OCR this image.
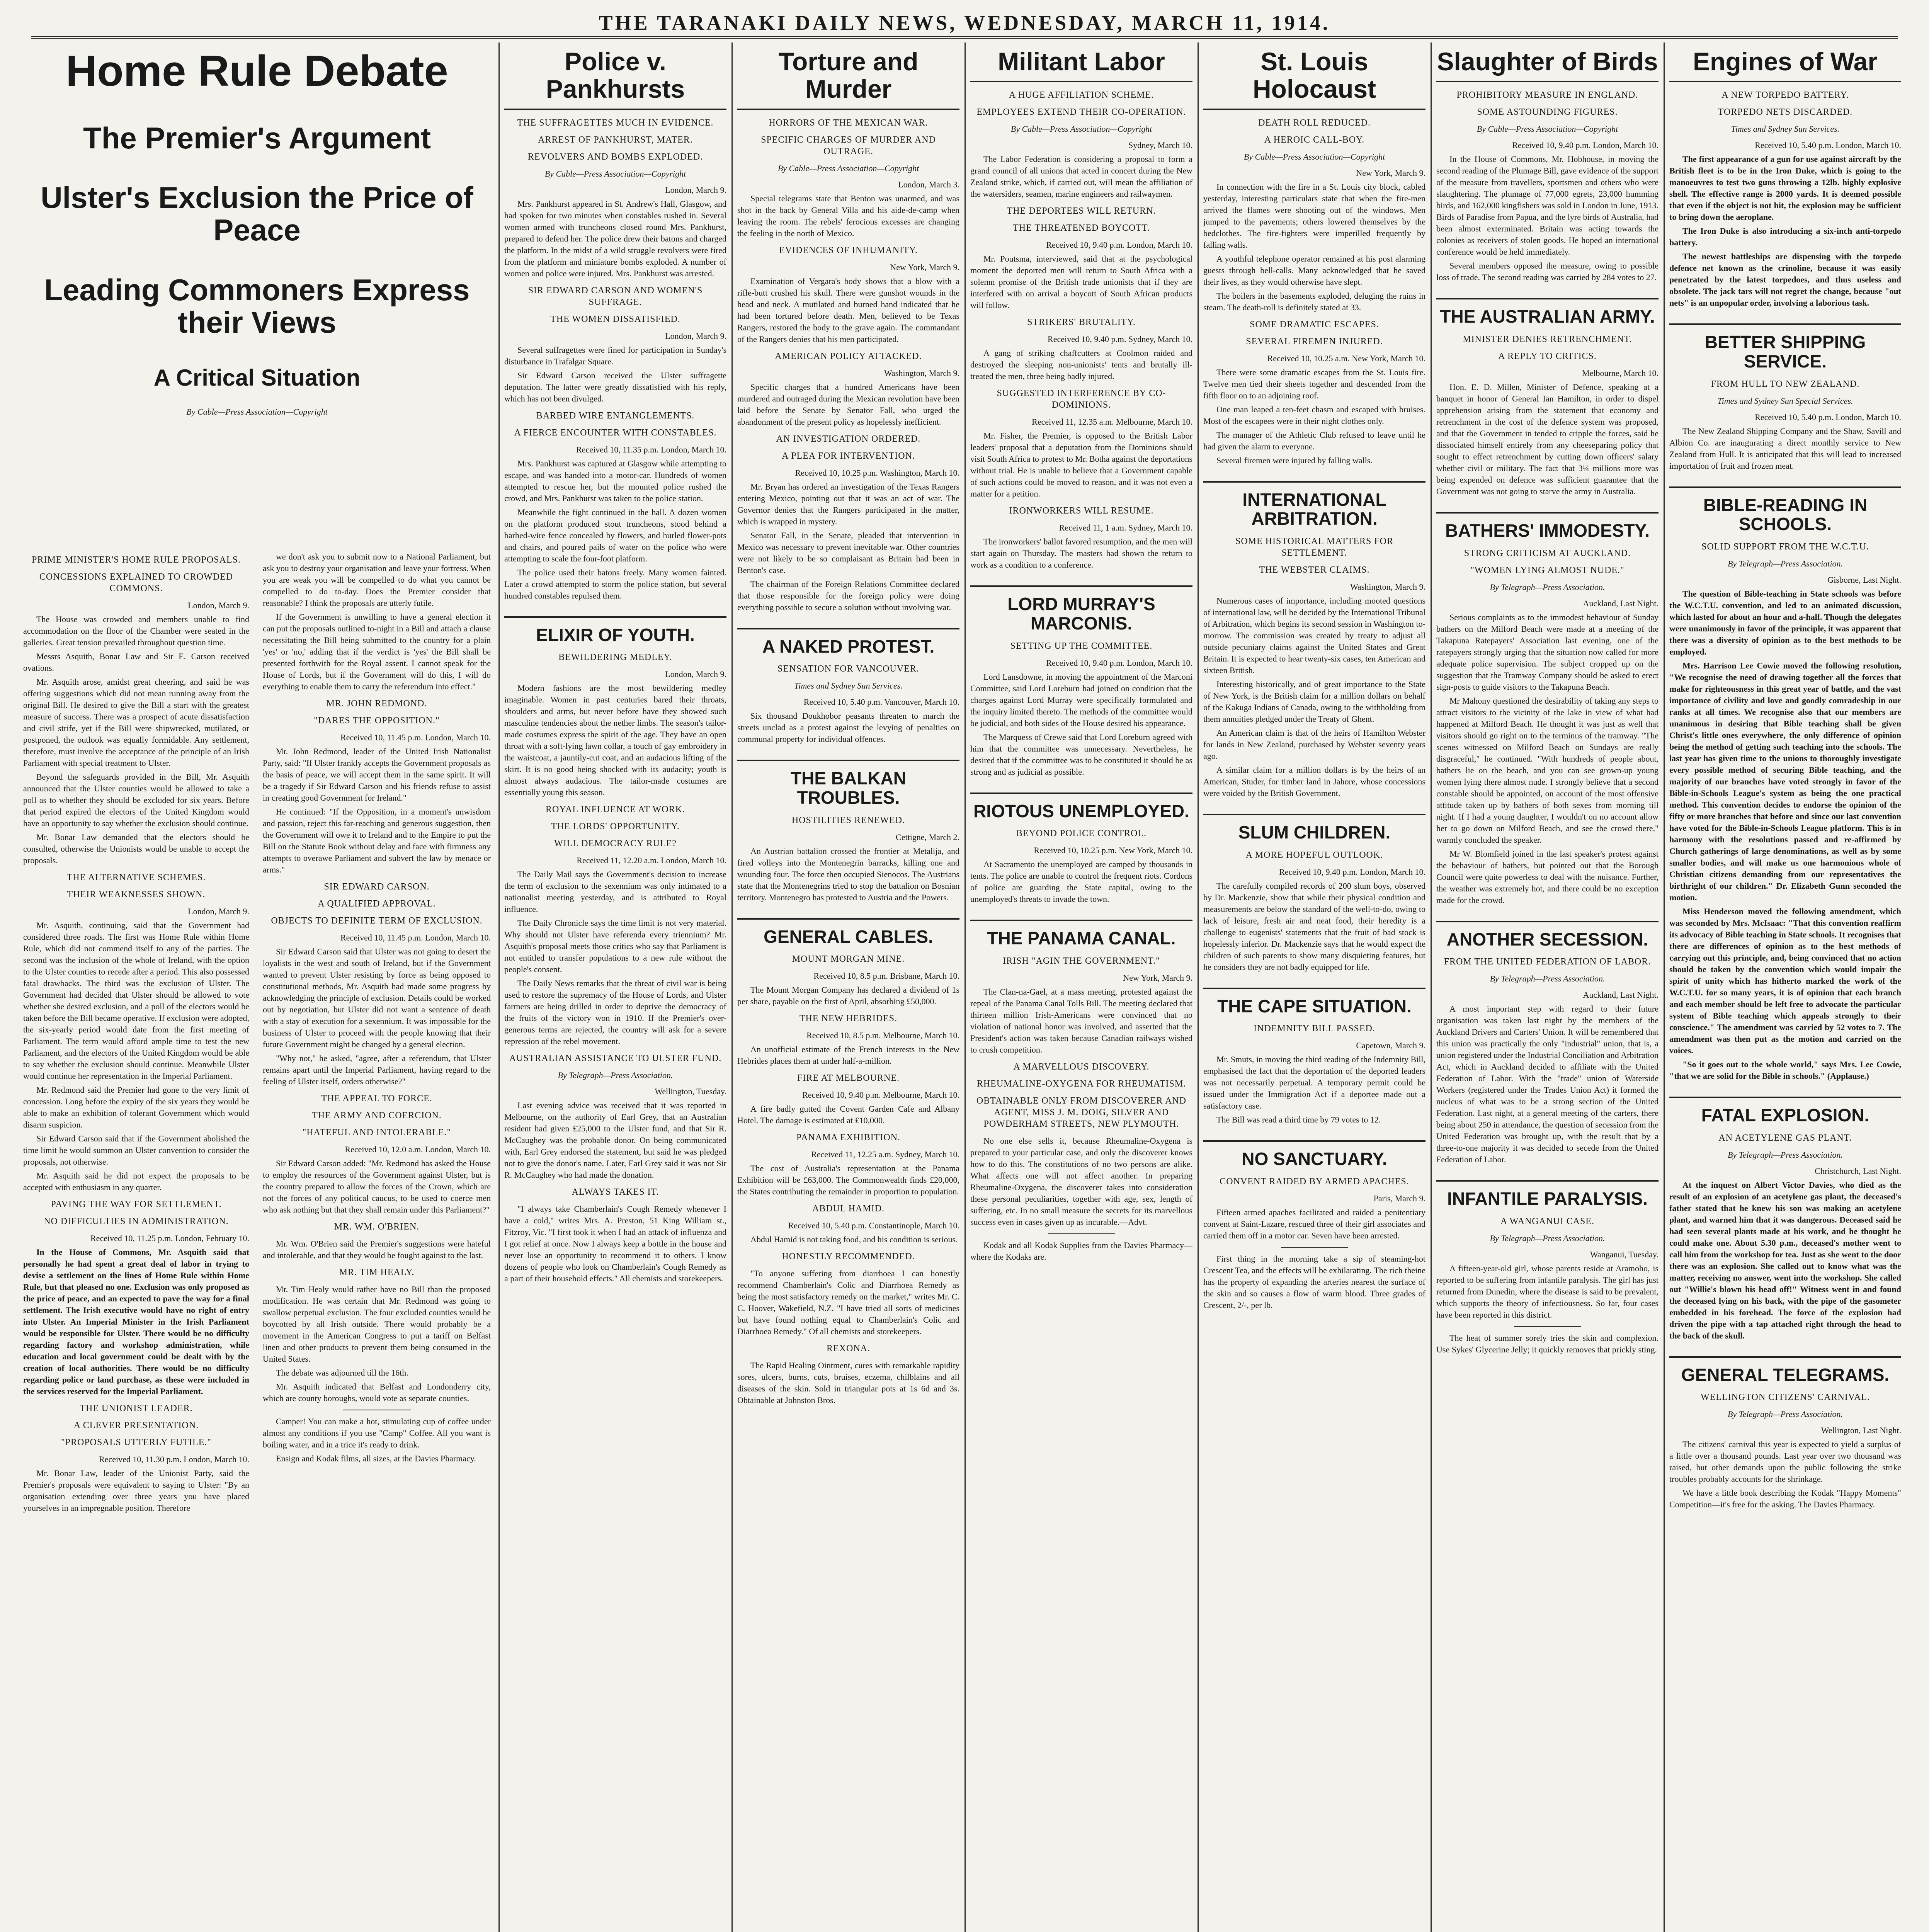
THE TARANAKI DAILY NEWS, WEDNESDAY, MARCH 11, 1914.
Home Rule Debate
The Premier's Argument
Ulster's Exclusion the Price of Peace
Leading Commoners Express their Views
A Critical Situation
By Cable—Press Association—Copyright
PRIME MINISTER'S HOME RULE PROPOSALS.
CONCESSIONS EXPLAINED TO CROWDED COMMONS.
London, March 9.
The House was crowded and members unable to find accommodation on the floor of the Chamber were seated in the galleries. Great tension prevailed throughout question time.
Messrs Asquith, Bonar Law and Sir E. Carson received ovations.
Mr. Asquith arose, amidst great cheering, and said he was offering suggestions which did not mean running away from the original Bill. He desired to give the Bill a start with the greatest measure of success. There was a prospect of acute dissatisfaction and civil strife, yet if the Bill were shipwrecked, mutilated, or postponed, the outlook was equally formidable. Any settlement, therefore, must involve the acceptance of the principle of an Irish Parliament with special treatment to Ulster.
Beyond the safeguards provided in the Bill, Mr. Asquith announced that the Ulster counties would be allowed to take a poll as to whether they should be excluded for six years. Before that period expired the electors of the United Kingdom would have an opportunity to say whether the exclusion should continue.
Mr. Bonar Law demanded that the electors should be consulted, otherwise the Unionists would be unable to accept the proposals.
THE ALTERNATIVE SCHEMES.
THEIR WEAKNESSES SHOWN.
London, March 9.
Mr. Asquith, continuing, said that the Government had considered three roads. The first was Home Rule within Home Rule, which did not commend itself to any of the parties. The second was the inclusion of the whole of Ireland, with the option to the Ulster counties to recede after a period. This also possessed fatal drawbacks. The third was the exclusion of Ulster. The Government had decided that Ulster should be allowed to vote whether she desired exclusion, and a poll of the electors would be taken before the Bill became operative. If exclusion were adopted, the six-yearly period would date from the first meeting of Parliament. The term would afford ample time to test the new Parliament, and the electors of the United Kingdom would be able to say whether the exclusion should continue. Meanwhile Ulster would continue her representation in the Imperial Parliament.
Mr. Redmond said the Premier had gone to the very limit of concession. Long before the expiry of the six years they would be able to make an exhibition of tolerant Government which would disarm suspicion.
Sir Edward Carson said that if the Government abolished the time limit he would summon an Ulster convention to consider the proposals, not otherwise.
Mr. Asquith said he did not expect the proposals to be accepted with enthusiasm in any quarter.
PAVING THE WAY FOR SETTLEMENT.
NO DIFFICULTIES IN ADMINISTRATION.
Received 10, 11.25 p.m. London, February 10.
In the House of Commons, Mr. Asquith said that personally he had spent a great deal of labor in trying to devise a settlement on the lines of Home Rule within Home Rule, but that pleased no one. Exclusion was only proposed as the price of peace, and an expected to pave the way for a final settlement. The Irish executive would have no right of entry into Ulster. An Imperial Minister in the Irish Parliament would be responsible for Ulster. There would be no difficulty regarding factory and workshop administration, while education and local government could be dealt with by the creation of local authorities. There would be no difficulty regarding police or land purchase, as these were included in the services reserved for the Imperial Parliament.
THE UNIONIST LEADER.
A CLEVER PRESENTATION.
"PROPOSALS UTTERLY FUTILE."
Received 10, 11.30 p.m. London, March 10.
Mr. Bonar Law, leader of the Unionist Party, said the Premier's proposals were equivalent to saying to Ulster: "By an organisation extending over three years you have placed yourselves in an impregnable position. Therefore
we don't ask you to submit now to a National Parliament, but ask you to destroy your organisation and leave your fortress. When you are weak you will be compelled to do what you cannot be compelled to do to-day. Does the Premier consider that reasonable? I think the proposals are utterly futile.
If the Government is unwilling to have a general election it can put the proposals outlined to-night in a Bill and attach a clause necessitating the Bill being submitted to the country for a plain 'yes' or 'no,' adding that if the verdict is 'yes' the Bill shall be presented forthwith for the Royal assent. I cannot speak for the House of Lords, but if the Government will do this, I will do everything to enable them to carry the referendum into effect."
MR. JOHN REDMOND.
"DARES THE OPPOSITION."
Received 10, 11.45 p.m. London, March 10.
Mr. John Redmond, leader of the United Irish Nationalist Party, said: "If Ulster frankly accepts the Government proposals as the basis of peace, we will accept them in the same spirit. It will be a tragedy if Sir Edward Carson and his friends refuse to assist in creating good Government for Ireland."
He continued: "If the Opposition, in a moment's unwisdom and passion, reject this far-reaching and generous suggestion, then the Government will owe it to Ireland and to the Empire to put the Bill on the Statute Book without delay and face with firmness any attempts to overawe Parliament and subvert the law by menace or arms."
SIR EDWARD CARSON.
A QUALIFIED APPROVAL.
OBJECTS TO DEFINITE TERM OF EXCLUSION.
Received 10, 11.45 p.m. London, March 10.
Sir Edward Carson said that Ulster was not going to desert the loyalists in the west and south of Ireland, but if the Government wanted to prevent Ulster resisting by force as being opposed to constitutional methods, Mr. Asquith had made some progress by acknowledging the principle of exclusion. Details could be worked out by negotiation, but Ulster did not want a sentence of death with a stay of execution for a sexennium. It was impossible for the business of Ulster to proceed with the people knowing that their future Government might be changed by a general election.
"Why not," he asked, "agree, after a referendum, that Ulster remains apart until the Imperial Parliament, having regard to the feeling of Ulster itself, orders otherwise?"
THE APPEAL TO FORCE.
THE ARMY AND COERCION.
"HATEFUL AND INTOLERABLE."
Received 10, 12.0 a.m. London, March 10.
Sir Edward Carson added: "Mr. Redmond has asked the House to employ the resources of the Government against Ulster, but is the country prepared to allow the forces of the Crown, which are not the forces of any political caucus, to be used to coerce men who ask nothing but that they shall remain under this Parliament?"
MR. WM. O'BRIEN.
Mr. Wm. O'Brien said the Premier's suggestions were hateful and intolerable, and that they would be fought against to the last.
MR. TIM HEALY.
Mr. Tim Healy would rather have no Bill than the proposed modification. He was certain that Mr. Redmond was going to swallow perpetual exclusion. The four excluded counties would be boycotted by all Irish outside. There would probably be a movement in the American Congress to put a tariff on Belfast linen and other products to prevent them being consumed in the United States.
The debate was adjourned till the 16th.
Mr. Asquith indicated that Belfast and Londonderry city, which are county boroughs, would vote as separate counties.
Camper! You can make a hot, stimulating cup of coffee under almost any conditions if you use "Camp" Coffee. All you want is boiling water, and in a trice it's ready to drink.
Ensign and Kodak films, all sizes, at the Davies Pharmacy.
Police v. Pankhursts
THE SUFFRAGETTES MUCH IN EVIDENCE.
ARREST OF PANKHURST, MATER.
REVOLVERS AND BOMBS EXPLODED.
By Cable—Press Association—Copyright
London, March 9.
Mrs. Pankhurst appeared in St. Andrew's Hall, Glasgow, and had spoken for two minutes when constables rushed in. Several women armed with truncheons closed round Mrs. Pankhurst, prepared to defend her. The police drew their batons and charged the platform. In the midst of a wild struggle revolvers were fired from the platform and miniature bombs exploded. A number of women and police were injured. Mrs. Pankhurst was arrested.
SIR EDWARD CARSON AND WOMEN'S SUFFRAGE.
THE WOMEN DISSATISFIED.
London, March 9.
Several suffragettes were fined for participation in Sunday's disturbance in Trafalgar Square.
Sir Edward Carson received the Ulster suffragette deputation. The latter were greatly dissatisfied with his reply, which has not been divulged.
BARBED WIRE ENTANGLEMENTS.
A FIERCE ENCOUNTER WITH CONSTABLES.
Received 10, 11.35 p.m. London, March 10.
Mrs. Pankhurst was captured at Glasgow while attempting to escape, and was handed into a motor-car. Hundreds of women attempted to rescue her, but the mounted police rushed the crowd, and Mrs. Pankhurst was taken to the police station.
Meanwhile the fight continued in the hall. A dozen women on the platform produced stout truncheons, stood behind a barbed-wire fence concealed by flowers, and hurled flower-pots and chairs, and poured pails of water on the police who were attempting to scale the four-foot platform.
The police used their batons freely. Many women fainted. Later a crowd attempted to storm the police station, but several hundred constables repulsed them.
ELIXIR OF YOUTH.
BEWILDERING MEDLEY.
London, March 9.
Modern fashions are the most bewildering medley imaginable. Women in past centuries bared their throats, shoulders and arms, but never before have they showed such masculine tendencies about the nether limbs. The season's tailor-made costumes express the spirit of the age. They have an open throat with a soft-lying lawn collar, a touch of gay embroidery in the waistcoat, a jauntily-cut coat, and an audacious lifting of the skirt. It is no good being shocked with its audacity; youth is almost always audacious. The tailor-made costumes are essentially young this season.
ROYAL INFLUENCE AT WORK.
THE LORDS' OPPORTUNITY.
WILL DEMOCRACY RULE?
Received 11, 12.20 a.m. London, March 10.
The Daily Mail says the Government's decision to increase the term of exclusion to the sexennium was only intimated to a nationalist meeting yesterday, and is attributed to Royal influence.
The Daily Chronicle says the time limit is not very material. Why should not Ulster have referenda every triennium? Mr. Asquith's proposal meets those critics who say that Parliament is not entitled to transfer populations to a new rule without the people's consent.
The Daily News remarks that the threat of civil war is being used to restore the supremacy of the House of Lords, and Ulster farmers are being drilled in order to deprive the democracy of the fruits of the victory won in 1910. If the Premier's over-generous terms are rejected, the country will ask for a severe repression of the rebel movement.
AUSTRALIAN ASSISTANCE TO ULSTER FUND.
By Telegraph—Press Association.
Wellington, Tuesday.
Last evening advice was received that it was reported in Melbourne, on the authority of Earl Grey, that an Australian resident had given £25,000 to the Ulster fund, and that Sir R. McCaughey was the probable donor. On being communicated with, Earl Grey endorsed the statement, but said he was pledged not to give the donor's name. Later, Earl Grey said it was not Sir R. McCaughey who had made the donation.
ALWAYS TAKES IT.
"I always take Chamberlain's Cough Remedy whenever I have a cold," writes Mrs. A. Preston, 51 King William st., Fitzroy, Vic. "I first took it when I had an attack of influenza and I got relief at once. Now I always keep a bottle in the house and never lose an opportunity to recommend it to others. I know dozens of people who look on Chamberlain's Cough Remedy as a part of their household effects." All chemists and storekeepers.
Torture and Murder
HORRORS OF THE MEXICAN WAR.
SPECIFIC CHARGES OF MURDER AND OUTRAGE.
By Cable—Press Association—Copyright
London, March 3.
Special telegrams state that Benton was unarmed, and was shot in the back by General Villa and his aide-de-camp when leaving the room. The rebels' ferocious excesses are changing the feeling in the north of Mexico.
EVIDENCES OF INHUMANITY.
New York, March 9.
Examination of Vergara's body shows that a blow with a rifle-butt crushed his skull. There were gunshot wounds in the head and neck. A mutilated and burned hand indicated that he had been tortured before death. Men, believed to be Texas Rangers, restored the body to the grave again. The commandant of the Rangers denies that his men participated.
AMERICAN POLICY ATTACKED.
Washington, March 9.
Specific charges that a hundred Americans have been murdered and outraged during the Mexican revolution have been laid before the Senate by Senator Fall, who urged the abandonment of the present policy as hopelessly inefficient.
AN INVESTIGATION ORDERED.
A PLEA FOR INTERVENTION.
Received 10, 10.25 p.m. Washington, March 10.
Mr. Bryan has ordered an investigation of the Texas Rangers entering Mexico, pointing out that it was an act of war. The Governor denies that the Rangers participated in the matter, which is wrapped in mystery.
Senator Fall, in the Senate, pleaded that intervention in Mexico was necessary to prevent inevitable war. Other countries were not likely to be so complaisant as Britain had been in Benton's case.
The chairman of the Foreign Relations Committee declared that those responsible for the foreign policy were doing everything possible to secure a solution without involving war.
A NAKED PROTEST.
SENSATION FOR VANCOUVER.
Times and Sydney Sun Services.
Received 10, 5.40 p.m. Vancouver, March 10.
Six thousand Doukhobor peasants threaten to march the streets unclad as a protest against the levying of penalties on communal property for individual offences.
THE BALKAN TROUBLES.
HOSTILITIES RENEWED.
Cettigne, March 2.
An Austrian battalion crossed the frontier at Metalija, and fired volleys into the Montenegrin barracks, killing one and wounding four. The force then occupied Sienocos. The Austrians state that the Montenegrins tried to stop the battalion on Bosnian territory. Montenegro has protested to Austria and the Powers.
GENERAL CABLES.
MOUNT MORGAN MINE.
Received 10, 8.5 p.m. Brisbane, March 10.
The Mount Morgan Company has declared a dividend of 1s per share, payable on the first of April, absorbing £50,000.
THE NEW HEBRIDES.
Received 10, 8.5 p.m. Melbourne, March 10.
An unofficial estimate of the French interests in the New Hebrides places them at under half-a-million.
FIRE AT MELBOURNE.
Received 10, 9.40 p.m. Melbourne, March 10.
A fire badly gutted the Covent Garden Cafe and Albany Hotel. The damage is estimated at £10,000.
PANAMA EXHIBITION.
Received 11, 12.25 a.m. Sydney, March 10.
The cost of Australia's representation at the Panama Exhibition will be £63,000. The Commonwealth finds £20,000, the States contributing the remainder in proportion to population.
ABDUL HAMID.
Received 10, 5.40 p.m. Constantinople, March 10.
Abdul Hamid is not taking food, and his condition is serious.
HONESTLY RECOMMENDED.
"To anyone suffering from diarrhoea I can honestly recommend Chamberlain's Colic and Diarrhoea Remedy as being the most satisfactory remedy on the market," writes Mr. C. C. Hoover, Wakefield, N.Z. "I have tried all sorts of medicines but have found nothing equal to Chamberlain's Colic and Diarrhoea Remedy." Of all chemists and storekeepers.
REXONA.
The Rapid Healing Ointment, cures with remarkable rapidity sores, ulcers, burns, cuts, bruises, eczema, chilblains and all diseases of the skin. Sold in triangular pots at 1s 6d and 3s. Obtainable at Johnston Bros.
Militant Labor
A HUGE AFFILIATION SCHEME.
EMPLOYEES EXTEND THEIR CO-OPERATION.
By Cable—Press Association—Copyright
Sydney, March 10.
The Labor Federation is considering a proposal to form a grand council of all unions that acted in concert during the New Zealand strike, which, if carried out, will mean the affiliation of the watersiders, seamen, marine engineers and railwaymen.
THE DEPORTEES WILL RETURN.
THE THREATENED BOYCOTT.
Received 10, 9.40 p.m. London, March 10.
Mr. Poutsma, interviewed, said that at the psychological moment the deported men will return to South Africa with a solemn promise of the British trade unionists that if they are interfered with on arrival a boycott of South African products will follow.
STRIKERS' BRUTALITY.
Received 10, 9.40 p.m. Sydney, March 10.
A gang of striking chaffcutters at Coolmon raided and destroyed the sleeping non-unionists' tents and brutally ill-treated the men, three being badly injured.
SUGGESTED INTERFERENCE BY CO-DOMINIONS.
Received 11, 12.35 a.m. Melbourne, March 10.
Mr. Fisher, the Premier, is opposed to the British Labor leaders' proposal that a deputation from the Dominions should visit South Africa to protest to Mr. Botha against the deportations without trial. He is unable to believe that a Government capable of such actions could be moved to reason, and it was not even a matter for a petition.
IRONWORKERS WILL RESUME.
Received 11, 1 a.m. Sydney, March 10.
The ironworkers' ballot favored resumption, and the men will start again on Thursday. The masters had shown the return to work as a condition to a conference.
LORD MURRAY'S MARCONIS.
SETTING UP THE COMMITTEE.
Received 10, 9.40 p.m. London, March 10.
Lord Lansdowne, in moving the appointment of the Marconi Committee, said Lord Loreburn had joined on condition that the charges against Lord Murray were specifically formulated and the inquiry limited thereto. The methods of the committee would be judicial, and both sides of the House desired his appearance.
The Marquess of Crewe said that Lord Loreburn agreed with him that the committee was unnecessary. Nevertheless, he desired that if the committee was to be constituted it should be as strong and as judicial as possible.
RIOTOUS UNEMPLOYED.
BEYOND POLICE CONTROL.
Received 10, 10.25 p.m. New York, March 10.
At Sacramento the unemployed are camped by thousands in tents. The police are unable to control the frequent riots. Cordons of police are guarding the State capital, owing to the unemployed's threats to invade the town.
THE PANAMA CANAL.
IRISH "AGIN THE GOVERNMENT."
New York, March 9.
The Clan-na-Gael, at a mass meeting, protested against the repeal of the Panama Canal Tolls Bill. The meeting declared that thirteen million Irish-Americans were convinced that no violation of national honor was involved, and asserted that the President's action was taken because Canadian railways wished to crush competition.
A MARVELLOUS DISCOVERY.
RHEUMALINE-OXYGENA FOR RHEUMATISM.
OBTAINABLE ONLY FROM DISCOVERER AND AGENT, MISS J. M. DOIG, SILVER AND POWDERHAM STREETS, NEW PLYMOUTH.
No one else sells it, because Rheumaline-Oxygena is prepared to your particular case, and only the discoverer knows how to do this. The constitutions of no two persons are alike. What affects one will not affect another. In preparing Rheumaline-Oxygena, the discoverer takes into consideration these personal peculiarities, together with age, sex, length of suffering, etc. In no small measure the secrets for its marvellous success even in cases given up as incurable.—Advt.
Kodak and all Kodak Supplies from the Davies Pharmacy—where the Kodaks are.
St. Louis Holocaust
DEATH ROLL REDUCED.
A HEROIC CALL-BOY.
By Cable—Press Association—Copyright
New York, March 9.
In connection with the fire in a St. Louis city block, cabled yesterday, interesting particulars state that when the fire-men arrived the flames were shooting out of the windows. Men jumped to the pavements; others lowered themselves by the bedclothes. The fire-fighters were imperilled frequently by falling walls.
A youthful telephone operator remained at his post alarming guests through bell-calls. Many acknowledged that he saved their lives, as they would otherwise have slept.
The boilers in the basements exploded, deluging the ruins in steam. The death-roll is definitely stated at 33.
SOME DRAMATIC ESCAPES.
SEVERAL FIREMEN INJURED.
Received 10, 10.25 a.m. New York, March 10.
There were some dramatic escapes from the St. Louis fire. Twelve men tied their sheets together and descended from the fifth floor on to an adjoining roof.
One man leaped a ten-feet chasm and escaped with bruises. Most of the escapees were in their night clothes only.
The manager of the Athletic Club refused to leave until he had given the alarm to everyone.
Several firemen were injured by falling walls.
INTERNATIONAL ARBITRATION.
SOME HISTORICAL MATTERS FOR SETTLEMENT.
THE WEBSTER CLAIMS.
Washington, March 9.
Numerous cases of importance, including mooted questions of international law, will be decided by the International Tribunal of Arbitration, which begins its second session in Washington to-morrow. The commission was created by treaty to adjust all outside pecuniary claims against the United States and Great Britain. It is expected to hear twenty-six cases, ten American and sixteen British.
Interesting historically, and of great importance to the State of New York, is the British claim for a million dollars on behalf of the Kakuga Indians of Canada, owing to the withholding from them annuities pledged under the Treaty of Ghent.
An American claim is that of the heirs of Hamilton Webster for lands in New Zealand, purchased by Webster seventy years ago.
A similar claim for a million dollars is by the heirs of an American, Studer, for timber land in Jahore, whose concessions were voided by the British Government.
SLUM CHILDREN.
A MORE HOPEFUL OUTLOOK.
Received 10, 9.40 p.m. London, March 10.
The carefully compiled records of 200 slum boys, observed by Dr. Mackenzie, show that while their physical condition and measurements are below the standard of the well-to-do, owing to lack of leisure, fresh air and neat food, their heredity is a challenge to eugenists' statements that the fruit of bad stock is hopelessly inferior. Dr. Mackenzie says that he would expect the children of such parents to show many disquieting features, but he considers they are not badly equipped for life.
THE CAPE SITUATION.
INDEMNITY BILL PASSED.
Capetown, March 9.
Mr. Smuts, in moving the third reading of the Indemnity Bill, emphasised the fact that the deportation of the deported leaders was not necessarily perpetual. A temporary permit could be issued under the Immigration Act if a deportee made out a satisfactory case.
The Bill was read a third time by 79 votes to 12.
NO SANCTUARY.
CONVENT RAIDED BY ARMED APACHES.
Paris, March 9.
Fifteen armed apaches facilitated and raided a penitentiary convent at Saint-Lazare, rescued three of their girl associates and carried them off in a motor car. Seven have been arrested.
First thing in the morning take a sip of steaming-hot Crescent Tea, and the effects will be exhilarating. The rich theine has the property of expanding the arteries nearest the surface of the skin and so causes a flow of warm blood. Three grades of Crescent, 2/-, per lb.
Slaughter of Birds
PROHIBITORY MEASURE IN ENGLAND.
SOME ASTOUNDING FIGURES.
By Cable—Press Association—Copyright
Received 10, 9.40 p.m. London, March 10.
In the House of Commons, Mr. Hobhouse, in moving the second reading of the Plumage Bill, gave evidence of the support of the measure from travellers, sportsmen and others who were slaughtering. The plumage of 77,000 egrets, 23,000 humming birds, and 162,000 kingfishers was sold in London in June, 1913. Birds of Paradise from Papua, and the lyre birds of Australia, had been almost exterminated. Britain was acting towards the colonies as receivers of stolen goods. He hoped an international conference would be held immediately.
Several members opposed the measure, owing to possible loss of trade. The second reading was carried by 284 votes to 27.
THE AUSTRALIAN ARMY.
MINISTER DENIES RETRENCHMENT.
A REPLY TO CRITICS.
Melbourne, March 10.
Hon. E. D. Millen, Minister of Defence, speaking at a banquet in honor of General Ian Hamilton, in order to dispel apprehension arising from the statement that economy and retrenchment in the cost of the defence system was proposed, and that the Government in tended to cripple the forces, said he dissociated himself entirely from any cheeseparing policy that sought to effect retrenchment by cutting down officers' salary whether civil or military. The fact that 3¼ millions more was being expended on defence was sufficient guarantee that the Government was not going to starve the army in Australia.
BATHERS' IMMODESTY.
STRONG CRITICISM AT AUCKLAND.
"WOMEN LYING ALMOST NUDE."
By Telegraph—Press Association.
Auckland, Last Night.
Serious complaints as to the immodest behaviour of Sunday bathers on the Milford Beach were made at a meeting of the Takapuna Ratepayers' Association last evening, one of the ratepayers strongly urging that the situation now called for more adequate police supervision. The subject cropped up on the suggestion that the Tramway Company should be asked to erect sign-posts to guide visitors to the Takapuna Beach.
Mr Mahony questioned the desirability of taking any steps to attract visitors to the vicinity of the lake in view of what had happened at Milford Beach. He thought it was just as well that visitors should go right on to the terminus of the tramway. "The scenes witnessed on Milford Beach on Sundays are really disgraceful," he continued. "With hundreds of people about, bathers lie on the beach, and you can see grown-up young women lying there almost nude. I strongly believe that a second constable should be appointed, on account of the most offensive attitude taken up by bathers of both sexes from morning till night. If I had a young daughter, I wouldn't on no account allow her to go down on Milford Beach, and see the crowd there," warmly concluded the speaker.
Mr W. Blomfield joined in the last speaker's protest against the behaviour of bathers, but pointed out that the Borough Council were quite powerless to deal with the nuisance. Further, the weather was extremely hot, and there could be no exception made for the crowd.
ANOTHER SECESSION.
FROM THE UNITED FEDERATION OF LABOR.
By Telegraph—Press Association.
Auckland, Last Night.
A most important step with regard to their future organisation was taken last night by the members of the Auckland Drivers and Carters' Union. It will be remembered that this union was practically the only "industrial" union, that is, a union registered under the Industrial Conciliation and Arbitration Act, which in Auckland decided to affiliate with the United Federation of Labor. With the "trade" union of Waterside Workers (registered under the Trades Union Act) it formed the nucleus of what was to be a strong section of the United Federation. Last night, at a general meeting of the carters, there being about 250 in attendance, the question of secession from the United Federation was brought up, with the result that by a three-to-one majority it was decided to secede from the United Federation of Labor.
INFANTILE PARALYSIS.
A WANGANUI CASE.
By Telegraph—Press Association.
Wanganui, Tuesday.
A fifteen-year-old girl, whose parents reside at Aramoho, is reported to be suffering from infantile paralysis. The girl has just returned from Dunedin, where the disease is said to be prevalent, which supports the theory of infectiousness. So far, four cases have been reported in this district.
The heat of summer sorely tries the skin and complexion. Use Sykes' Glycerine Jelly; it quickly removes that prickly sting.
Engines of War
A NEW TORPEDO BATTERY.
TORPEDO NETS DISCARDED.
Times and Sydney Sun Services.
Received 10, 5.40 p.m. London, March 10.
The first appearance of a gun for use against aircraft by the British fleet is to be in the Iron Duke, which is going to the manoeuvres to test two guns throwing a 12lb. highly explosive shell. The effective range is 2000 yards. It is deemed possible that even if the object is not hit, the explosion may be sufficient to bring down the aeroplane.
The Iron Duke is also introducing a six-inch anti-torpedo battery.
The newest battleships are dispensing with the torpedo defence net known as the crinoline, because it was easily penetrated by the latest torpedoes, and thus useless and obsolete. The jack tars will not regret the change, because "out nets" is an unpopular order, involving a laborious task.
BETTER SHIPPING SERVICE.
FROM HULL TO NEW ZEALAND.
Times and Sydney Sun Special Services.
Received 10, 5.40 p.m. London, March 10.
The New Zealand Shipping Company and the Shaw, Savill and Albion Co. are inaugurating a direct monthly service to New Zealand from Hull. It is anticipated that this will lead to increased importation of fruit and frozen meat.
BIBLE-READING IN SCHOOLS.
SOLID SUPPORT FROM THE W.C.T.U.
By Telegraph—Press Association.
Gisborne, Last Night.
The question of Bible-teaching in State schools was before the W.C.T.U. convention, and led to an animated discussion, which lasted for about an hour and a-half. Though the delegates were unanimously in favor of the principle, it was apparent that there was a diversity of opinion as to the best methods to be employed.
Mrs. Harrison Lee Cowie moved the following resolution, "We recognise the need of drawing together all the forces that make for righteousness in this great year of battle, and the vast importance of civility and love and goodly comradeship in our ranks at all times. We recognise also that our members are unanimous in desiring that Bible teaching shall be given Christ's little ones everywhere, the only difference of opinion being the method of getting such teaching into the schools. The last year has given time to the unions to thoroughly investigate every possible method of securing Bible teaching, and the majority of our branches have voted strongly in favor of the Bible-in-Schools League's system as being the one practical method. This convention decides to endorse the opinion of the fifty or more branches that before and since our last convention have voted for the Bible-in-Schools League platform. This is in harmony with the resolutions passed and re-affirmed by Church gatherings of large denominations, as well as by some smaller bodies, and will make us one harmonious whole of Christian citizens demanding from our representatives the birthright of our children." Dr. Elizabeth Gunn seconded the motion.
Miss Henderson moved the following amendment, which was seconded by Mrs. McIsaac: "That this convention reaffirm its advocacy of Bible teaching in State schools. It recognises that there are differences of opinion as to the best methods of carrying out this principle, and, being convinced that no action should be taken by the convention which would impair the spirit of unity which has hitherto marked the work of the W.C.T.U. for so many years, it is of opinion that each branch and each member should be left free to advocate the particular system of Bible teaching which appeals strongly to their conscience." The amendment was carried by 52 votes to 7. The amendment was then put as the motion and carried on the voices.
"So it goes out to the whole world," says Mrs. Lee Cowie, "that we are solid for the Bible in schools." (Applause.)
FATAL EXPLOSION.
AN ACETYLENE GAS PLANT.
By Telegraph—Press Association.
Christchurch, Last Night.
At the inquest on Albert Victor Davies, who died as the result of an explosion of an acetylene gas plant, the deceased's father stated that he knew his son was making an acetylene plant, and warned him that it was dangerous. Deceased said he had seen several plants made at his work, and he thought he could make one. About 5.30 p.m., deceased's mother went to call him from the workshop for tea. Just as she went to the door there was an explosion. She called out to know what was the matter, receiving no answer, went into the workshop. She called out "Willie's blown his head off!" Witness went in and found the deceased lying on his back, with the pipe of the gasometer embedded in his forehead. The force of the explosion had driven the pipe with a tap attached right through the head to the back of the skull.
GENERAL TELEGRAMS.
WELLINGTON CITIZENS' CARNIVAL.
By Telegraph—Press Association.
Wellington, Last Night.
The citizens' carnival this year is expected to yield a surplus of a little over a thousand pounds. Last year over two thousand was raised, but other demands upon the public following the strike troubles probably accounts for the shrinkage.
We have a little book describing the Kodak "Happy Moments" Competition—it's free for the asking. The Davies Pharmacy.
